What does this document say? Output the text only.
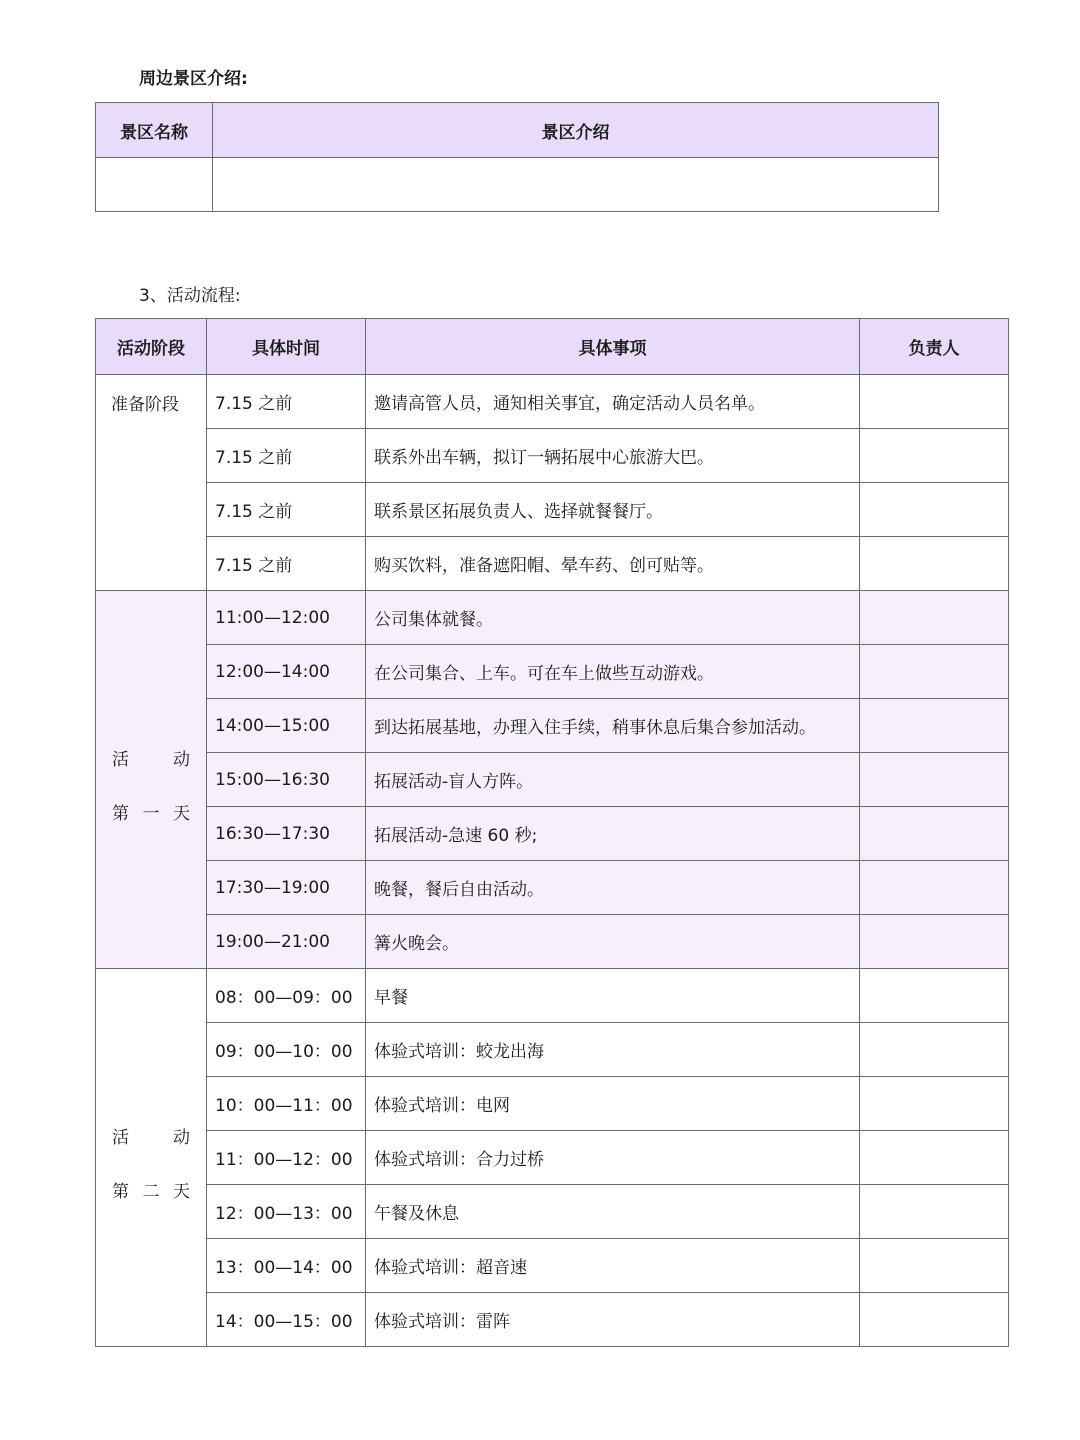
周边景区介绍:
景区名称	景区介绍

3、活动流程:
活动阶段	具体时间	具体事项	负责人
准备阶段	7.15 之前	邀请高管人员，通知相关事宜，确定活动人员名单。	
	7.15 之前	联系外出车辆，拟订一辆拓展中心旅游大巴。	
	7.15 之前	联系景区拓展负责人、选择就餐餐厅。	
	7.15 之前	购买饮料，准备遮阳帽、晕车药、创可贴等。	

活 动
第 一 天	11:00—12:00	公司集体就餐。	
	12:00—14:00	在公司集合、上车。可在车上做些互动游戏。	
	14:00—15:00	到达拓展基地，办理入住手续，稍事休息后集合参加活动。	
	15:00—16:30	拓展活动-盲人方阵。	
	16:30—17:30	拓展活动-急速 60 秒;	
	17:30—19:00	晚餐，餐后自由活动。	
	19:00—21:00	篝火晚会。	

活 动
第 二 天	08：00—09：00	早餐	
	09：00—10：00	体验式培训：蛟龙出海	
	10：00—11：00	体验式培训：电网	
	11：00—12：00	体验式培训：合力过桥	
	12：00—13：00	午餐及休息	
	13：00—14：00	体验式培训：超音速	
	14：00—15：00	体验式培训：雷阵	
